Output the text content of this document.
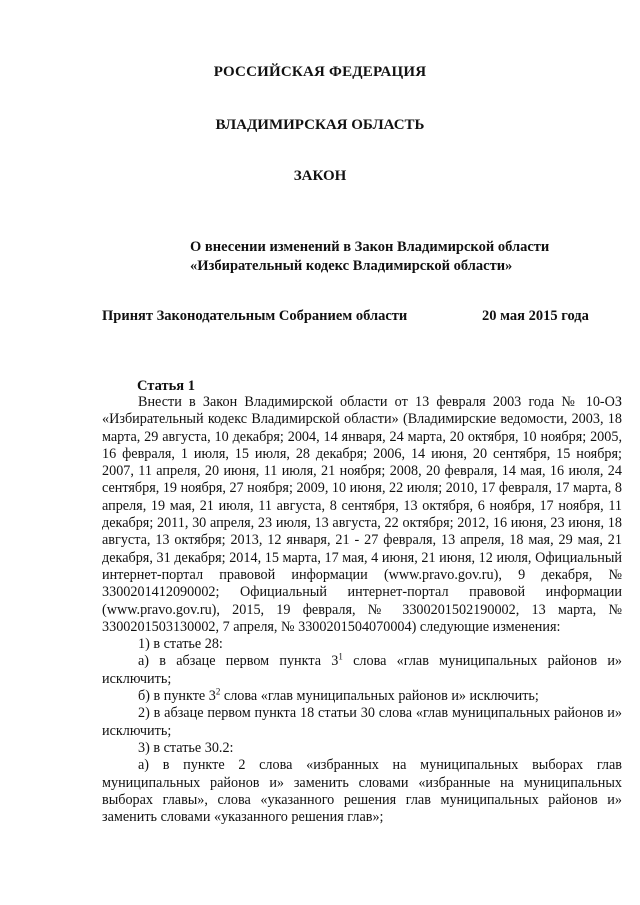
РОССИЙСКАЯ ФЕДЕРАЦИЯ
ВЛАДИМИРСКАЯ ОБЛАСТЬ
ЗАКОН
О внесении изменений в Закон Владимирской области
«Избирательный кодекс Владимирской области»
Принят Законодательным Собранием области	20 мая 2015 года
Статья 1

Внести в Закон Владимирской области от 13 февраля 2003 года № 10-ОЗ «Избирательный кодекс Владимирской области» (Владимирские ведомости, 2003, 18 марта, 29 августа, 10 декабря; 2004, 14 января, 24 марта, 20 октября, 10 ноября; 2005, 16 февраля, 1 июля, 15 июля, 28 декабря; 2006, 14 июня, 20 сентября, 15 ноября; 2007, 11 апреля, 20 июня, 11 июля, 21 ноября; 2008, 20 февраля, 14 мая, 16 июля, 24 сентября, 19 ноября, 27 ноября; 2009, 10 июня, 22 июля; 2010, 17 февраля, 17 марта, 8 апреля, 19 мая, 21 июля, 11 августа, 8 сентября, 13 октября, 6 ноября, 17 ноября, 11 декабря; 2011, 30 апреля, 23 июля, 13 августа, 22 октября; 2012, 16 июня, 23 июня, 18 августа, 13 октября; 2013, 12 января, 21 - 27 февраля, 13 апреля, 18 мая, 29 мая, 21 декабря, 31 декабря; 2014, 15 марта, 17 мая, 4 июня, 21 июня, 12 июля, Официальный интернет-портал правовой информации (www.pravo.gov.ru), 9 декабря, № 3300201412090002; Официальный интернет-портал правовой информации (www.pravo.gov.ru), 2015, 19 февраля, № 3300201502190002, 13 марта, № 3300201503130002, 7 апреля, № 3300201504070004) следующие изменения:

1) в статье 28:

а) в абзаце первом пункта $3^1$ слова «глав муниципальных районов и» исключить;

б) в пункте $3^2$ слова «глав муниципальных районов и» исключить;

2) в абзаце первом пункта 18 статьи 30 слова «глав муниципальных районов и» исключить;

3) в статье 30.2:

а) в пункте 2 слова «избранных на муниципальных выборах глав муниципальных районов и» заменить словами «избранные на муниципальных выборах главы», слова «указанного решения глав муниципальных районов и» заменить словами «указанного решения глав»;
